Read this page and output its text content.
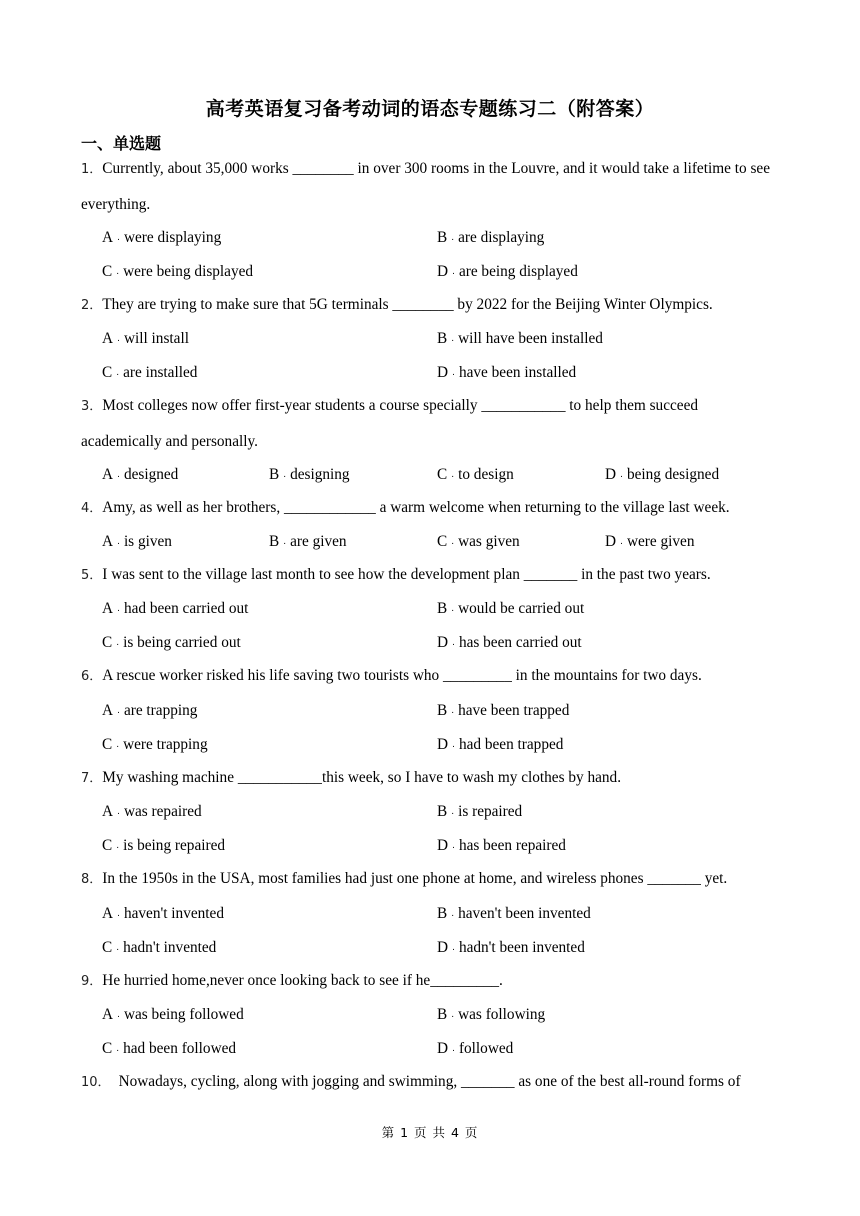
高考英语复习备考动词的语态专题练习二（附答案）
一、单选题
1．Currently, about 35,000 works ________ in over 300 rooms in the Louvre, and it would take a lifetime to see everything.
A . were displaying	B . are displaying
C . were being displayed	D . are being displayed
2．They are trying to make sure that 5G terminals ________ by 2022 for the Beijing Winter Olympics.
A . will install	B . will have been installed
C . are installed	D . have been installed
3．Most colleges now offer first-year students a course specially ___________ to help them succeed academically and personally.
A . designed	B . designing	C . to design	D . being designed
4．Amy, as well as her brothers, ____________ a warm welcome when returning to the village last week.
A . is given	B . are given	C . was given	D . were given
5．I was sent to the village last month to see how the development plan _______ in the past two years.
A . had been carried out	B . would be carried out
C . is being carried out	D . has been carried out
6．A rescue worker risked his life saving two tourists who _________ in the mountains for two days.
A . are trapping	B . have been trapped
C . were trapping	D . had been trapped
7．My washing machine ___________this week, so I have to wash my clothes by hand.
A . was repaired	B . is repaired
C . is being repaired	D . has been repaired
8．In the 1950s in the USA, most families had just one phone at home, and wireless phones _______ yet.
A . haven't invented	B . haven't been invented
C . hadn't invented	D . hadn't been invented
9．He hurried home,never once looking back to see if he_________.
A . was being followed	B . was following
C . had been followed	D . followed
10． Nowadays, cycling, along with jogging and swimming, _______ as one of the best all-round forms of
第 1 页 共 4 页
